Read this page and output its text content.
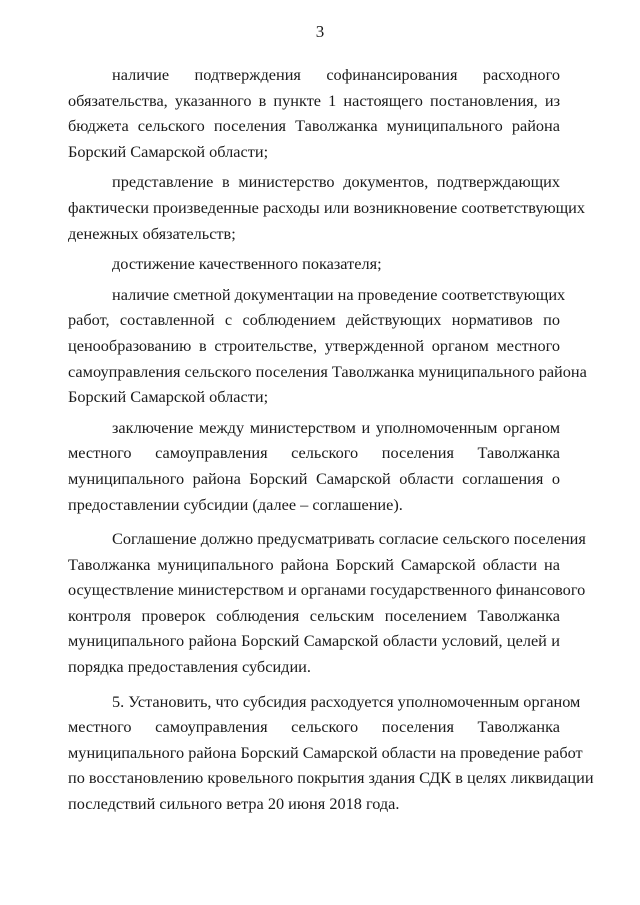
3
наличие подтверждения софинансирования расходного
обязательства, указанного в пункте 1 настоящего постановления, из
бюджета сельского поселения Таволжанка муниципального района
Борский Самарской области;
представление в министерство документов, подтверждающих
фактически произведенные расходы или возникновение соответствующих
денежных обязательств;
достижение качественного показателя;
наличие сметной документации на проведение соответствующих
работ, составленной с соблюдением действующих нормативов по
ценообразованию в строительстве, утвержденной органом местного
самоуправления сельского поселения Таволжанка муниципального района
Борский Самарской области;
заключение между министерством и уполномоченным органом
местного самоуправления сельского поселения Таволжанка
муниципального района Борский Самарской области соглашения о
предоставлении субсидии (далее – соглашение).
Соглашение должно предусматривать согласие сельского поселения
Таволжанка муниципального района Борский Самарской области на
осуществление министерством и органами государственного финансового
контроля проверок соблюдения сельским поселением Таволжанка
муниципального района Борский Самарской области условий, целей и
порядка предоставления субсидии.
5. Установить, что субсидия расходуется уполномоченным органом
местного самоуправления сельского поселения Таволжанка
муниципального района Борский Самарской области на проведение работ
по восстановлению кровельного покрытия здания СДК в целях ликвидации
последствий сильного ветра 20 июня 2018 года.
